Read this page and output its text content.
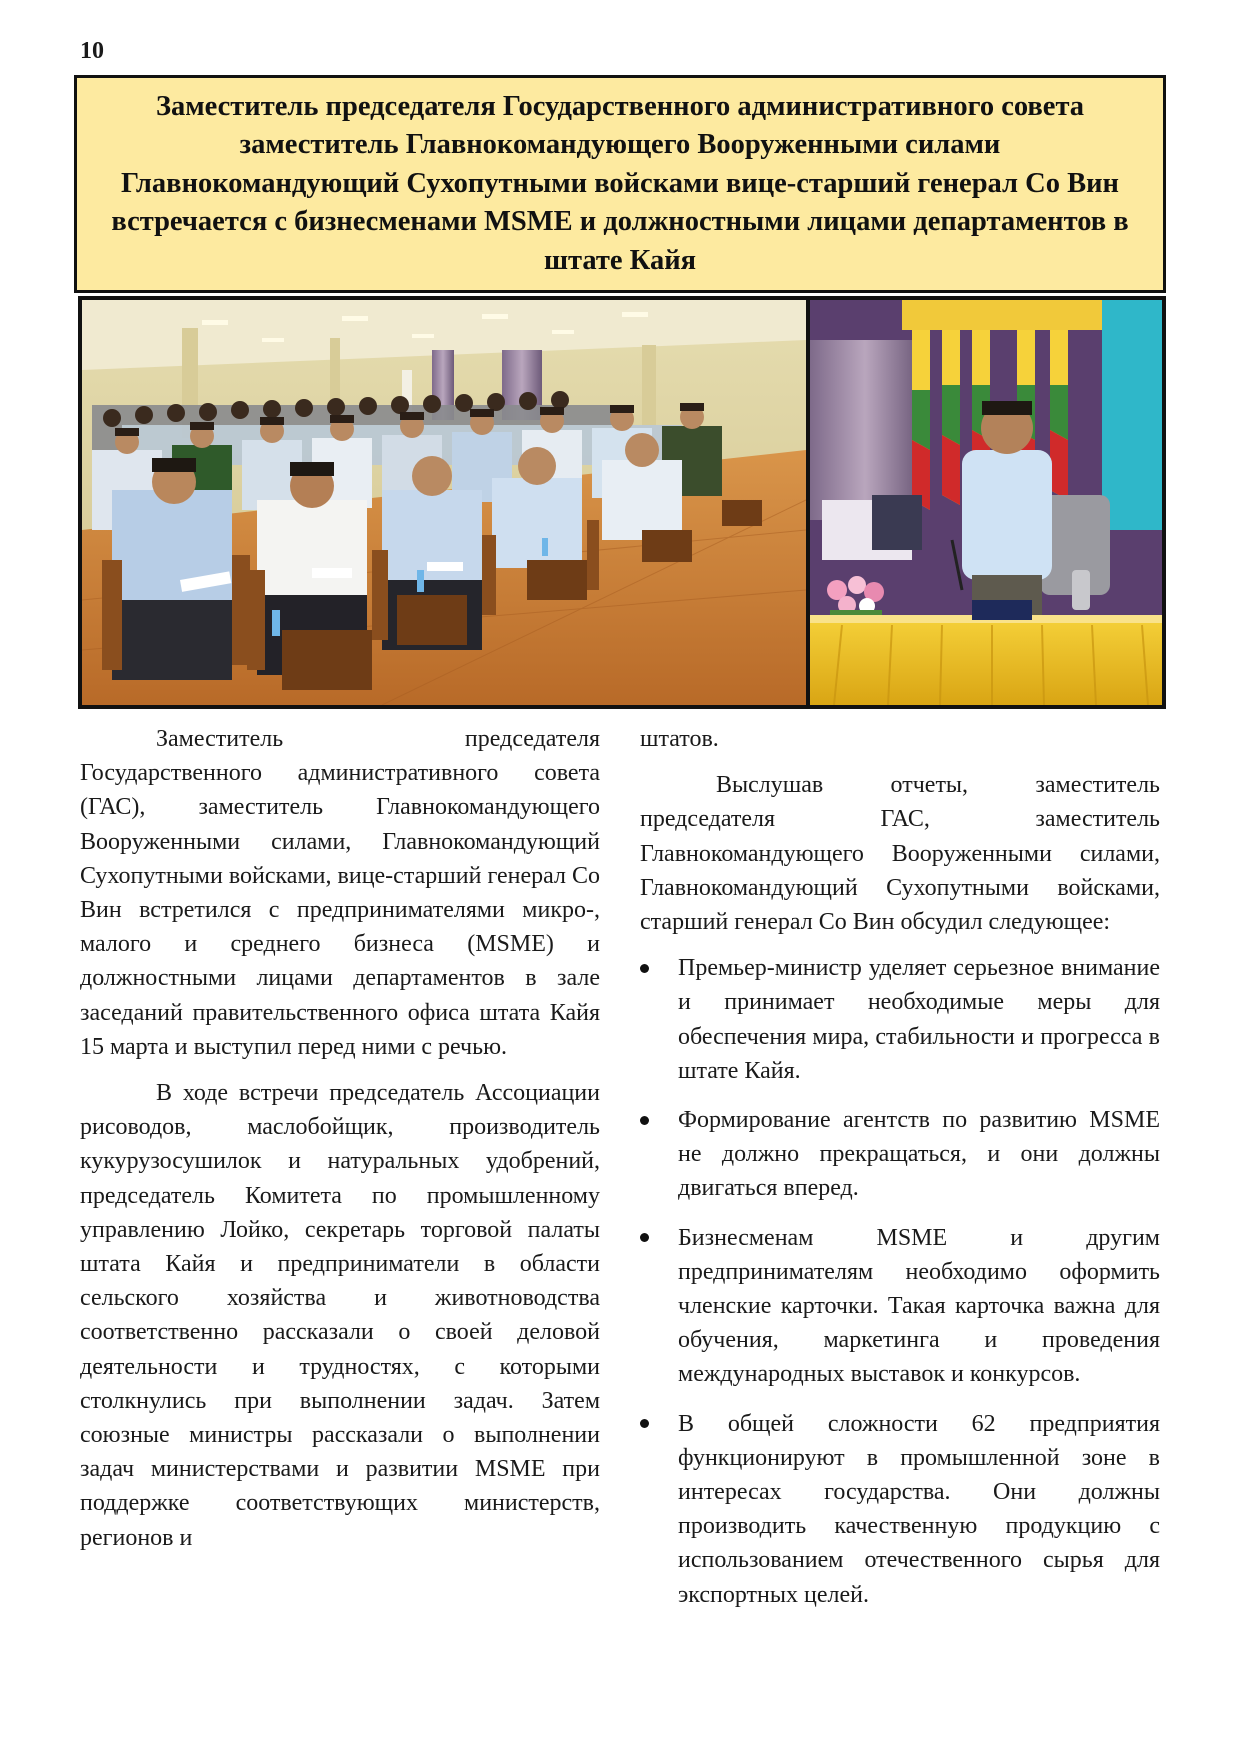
10
Заместитель председателя Государственного административного совета заместитель Главнокомандующего Вооруженными силами Главнокомандующий Сухопутными войсками вице-старший генерал Со Вин встречается с бизнесменами MSME и должностными лицами департаментов в штате Кайя

Заместитель председателя Государственного административного совета (ГАС), заместитель Главнокомандующего Вооруженными силами, Главнокомандующий Сухопутными войсками, вице-старший генерал Со Вин встретился с предпринимателями микро-, малого и среднего бизнеса (MSME) и должностными лицами департаментов в зале заседаний правительственного офиса штата Кайя 15 марта и выступил перед ними с речью.

В ходе встречи председатель Ассоциации рисоводов, маслобойщик, производитель кукурузосушилок и натуральных удобрений, председатель Комитета по промышленному управлению Лойко, секретарь торговой палаты штата Кайя и предприниматели в области сельского хозяйства и животноводства соответственно рассказали о своей деловой деятельности и трудностях, с которыми столкнулись при выполнении задач. Затем союзные министры рассказали о выполнении задач министерствами и развитии MSME при поддержке соответствующих министерств, регионов и

штатов.

Выслушав отчеты, заместитель председателя ГАС, заместитель Главнокомандующего Вооруженными силами, Главнокомандующий Сухопутными войсками, старший генерал Со Вин обсудил следующее:

Премьер-министр уделяет серьезное внимание и принимает необходимые меры для обеспечения мира, стабильности и прогресса в штате Кайя.
Формирование агентств по развитию MSME не должно прекращаться, и они должны двигаться вперед.
Бизнесменам MSME и другим предпринимателям необходимо оформить членские карточки. Такая карточка важна для обучения, маркетинга и проведения международных выставок и конкурсов.
В общей сложности 62 предприятия функционируют в промышленной зоне в интересах государства. Они должны производить качественную продукцию с использованием отечественного сырья для экспортных целей.
